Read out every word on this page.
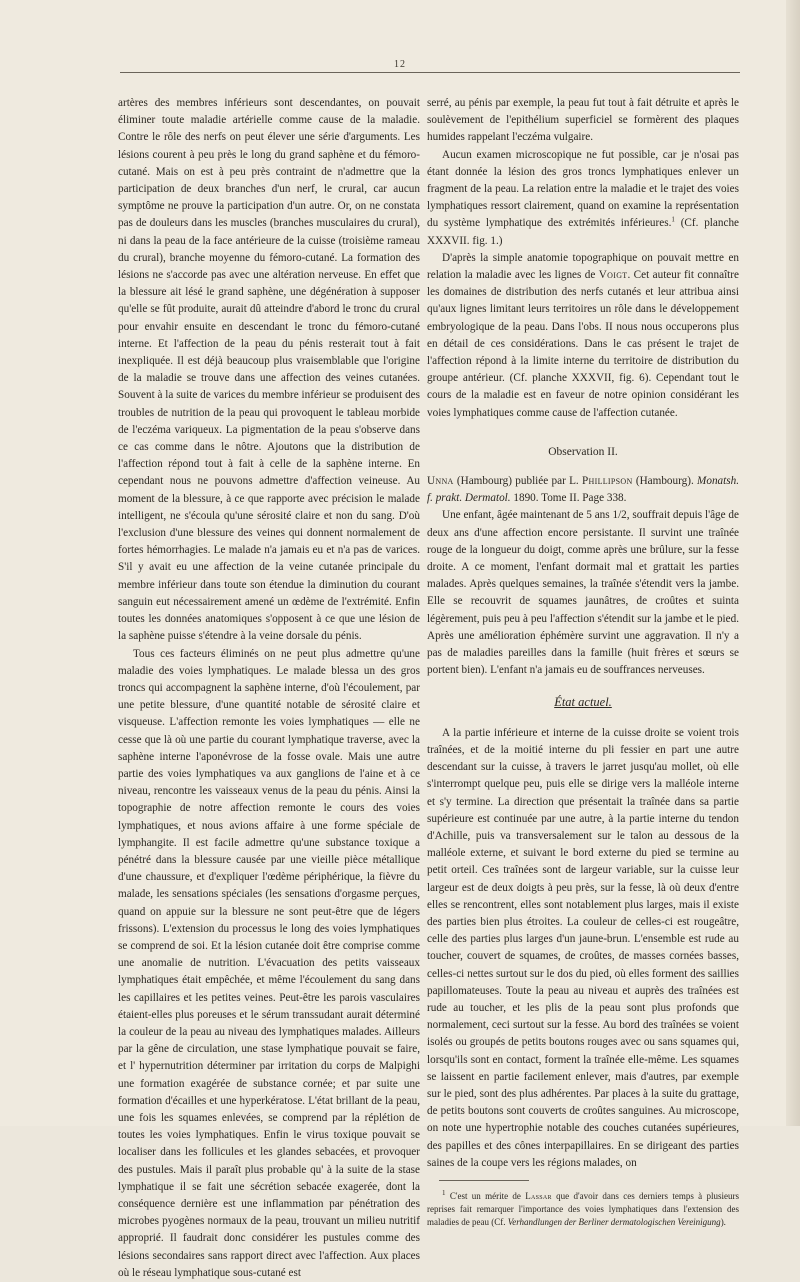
12

artères des membres inférieurs sont descendantes, on pouvait éliminer toute maladie artérielle comme cause de la maladie. Contre le rôle des nerfs on peut élever une série d'arguments. Les lésions courent à peu près le long du grand saphène et du fémoro-cutané. Mais on est à peu près contraint de n'admettre que la participation de deux branches d'un nerf, le crural, car aucun symptôme ne prouve la participation d'un autre. Or, on ne constata pas de douleurs dans les muscles (branches musculaires du crural), ni dans la peau de la face antérieure de la cuisse (troisième rameau du crural), branche moyenne du fémoro-cutané. La formation des lésions ne s'accorde pas avec une altération nerveuse. En effet que la blessure ait lésé le grand saphène, une dégénération à supposer qu'elle se fût produite, aurait dû atteindre d'abord le tronc du crural pour envahir ensuite en descendant le tronc du fémoro-cutané interne. Et l'affection de la peau du pénis resterait tout à fait inexpliquée. Il est déjà beaucoup plus vraisemblable que l'origine de la maladie se trouve dans une affection des veines cutanées. Souvent à la suite de varices du membre inférieur se produisent des troubles de nutrition de la peau qui provoquent le tableau morbide de l'eczéma variqueux. La pigmentation de la peau s'observe dans ce cas comme dans le nôtre. Ajoutons que la distribution de l'affection répond tout à fait à celle de la saphène interne. En cependant nous ne pouvons admettre d'affection veineuse. Au moment de la blessure, à ce que rapporte avec précision le malade intelligent, ne s'écoula qu'une sérosité claire et non du sang. D'où l'exclusion d'une blessure des veines qui donnent normalement de fortes hémorrhagies. Le malade n'a jamais eu et n'a pas de varices. S'il y avait eu une affection de la veine cutanée principale du membre inférieur dans toute son étendue la diminution du courant sanguin eut nécessairement amené un œdème de l'extrémité. Enfin toutes les données anatomiques s'opposent à ce que une lésion de la saphène puisse s'étendre à la veine dorsale du pénis.

Tous ces facteurs éliminés on ne peut plus admettre qu'une maladie des voies lymphatiques. Le malade blessa un des gros troncs qui accompagnent la saphène interne, d'où l'écoulement, par une petite blessure, d'une quantité notable de sérosité claire et visqueuse. L'affection remonte les voies lymphatiques — elle ne cesse que là où une partie du courant lymphatique traverse, avec la saphène interne l'aponévrose de la fosse ovale. Mais une autre partie des voies lymphatiques va aux ganglions de l'aine et à ce niveau, rencontre les vaisseaux venus de la peau du pénis. Ainsi la topographie de notre affection remonte le cours des voies lymphatiques, et nous avions affaire à une forme spéciale de lymphangite. Il est facile admettre qu'une substance toxique a pénétré dans la blessure causée par une vieille pièce métallique d'une chaussure, et d'expliquer l'œdème périphérique, la fièvre du malade, les sensations spéciales (les sensations d'orgasme perçues, quand on appuie sur la blessure ne sont peut-être que de légers frissons). L'extension du processus le long des voies lymphatiques se comprend de soi. Et la lésion cutanée doit être comprise comme une anomalie de nutrition. L'évacuation des petits vaisseaux lymphatiques était empêchée, et même l'écoulement du sang dans les capillaires et les petites veines. Peut-être les parois vasculaires étaient-elles plus poreuses et le sérum transsudant aurait déterminé la couleur de la peau au niveau des lymphatiques malades. Ailleurs par la gêne de circulation, une stase lymphatique pouvait se faire, et l' hypernutrition déterminer par irritation du corps de Malpighi une formation exagérée de substance cornée; et par suite une formation d'écailles et une hyperkératose. L'état brillant de la peau, une fois les squames enlevées, se comprend par la réplétion de toutes les voies lymphatiques. Enfin le virus toxique pouvait se localiser dans les follicules et les glandes sebacées, et provoquer des pustules. Mais il paraît plus probable qu' à la suite de la stase lymphatique il se fait une sécrétion sebacée exagerée, dont la conséquence dernière est une inflammation par pénétration des microbes pyogènes normaux de la peau, trouvant un milieu nutritif approprié. Il faudrait donc considérer les pustules comme des lésions secondaires sans rapport direct avec l'affection. Aux places où le réseau lymphatique sous-cutané est

serré, au pénis par exemple, la peau fut tout à fait détruite et après le soulèvement de l'epithélium superficiel se formèrent des plaques humides rappelant l'eczéma vulgaire.

Aucun examen microscopique ne fut possible, car je n'osai pas étant donnée la lésion des gros troncs lymphatiques enlever un fragment de la peau. La relation entre la maladie et le trajet des voies lymphatiques ressort clairement, quand on examine la représentation du système lymphatique des extrémités inférieures.$^1$ (Cf. planche XXXVII. fig. 1.)

D'après la simple anatomie topographique on pouvait mettre en relation la maladie avec les lignes de Voigt. Cet auteur fit connaître les domaines de distribution des nerfs cutanés et leur attribua ainsi qu'aux lignes limitant leurs territoires un rôle dans le développement embryologique de la peau. Dans l'obs. II nous nous occuperons plus en détail de ces considérations. Dans le cas présent le trajet de l'affection répond à la limite interne du territoire de distribution du groupe antérieur. (Cf. planche XXXVII, fig. 6). Cependant tout le cours de la maladie est en faveur de notre opinion considérant les voies lymphatiques comme cause de l'affection cutanée.

Observation II.

Unna (Hambourg) publiée par L. Phillipson (Hambourg). Monatsh. f. prakt. Dermatol. 1890. Tome II. Page 338.

Une enfant, âgée maintenant de 5 ans 1/2, souffrait depuis l'âge de deux ans d'une affection encore persistante. Il survint une traînée rouge de la longueur du doigt, comme après une brûlure, sur la fesse droite. A ce moment, l'enfant dormait mal et grattait les parties malades. Après quelques semaines, la traînée s'étendit vers la jambe. Elle se recouvrit de squames jaunâtres, de croûtes et suinta légèrement, puis peu à peu l'affection s'étendit sur la jambe et le pied. Après une amélioration éphémère survint une aggravation. Il n'y a pas de maladies pareilles dans la famille (huit frères et sœurs se portent bien). L'enfant n'a jamais eu de souffrances nerveuses.

État actuel.

A la partie inférieure et interne de la cuisse droite se voient trois traînées, et de la moitié interne du pli fessier en part une autre descendant sur la cuisse, à travers le jarret jusqu'au mollet, où elle s'interrompt quelque peu, puis elle se dirige vers la malléole interne et s'y termine. La direction que présentait la traînée dans sa partie supérieure est continuée par une autre, à la partie interne du tendon d'Achille, puis va transversalement sur le talon au dessous de la malléole externe, et suivant le bord externe du pied se termine au petit orteil. Ces traînées sont de largeur variable, sur la cuisse leur largeur est de deux doigts à peu près, sur la fesse, là où deux d'entre elles se rencontrent, elles sont notablement plus larges, mais il existe des parties bien plus étroites. La couleur de celles-ci est rougeâtre, celle des parties plus larges d'un jaune-brun. L'ensemble est rude au toucher, couvert de squames, de croûtes, de masses cornées basses, celles-ci nettes surtout sur le dos du pied, où elles forment des saillies papillomateuses. Toute la peau au niveau et auprès des traînées est rude au toucher, et les plis de la peau sont plus profonds que normalement, ceci surtout sur la fesse. Au bord des traînées se voient isolés ou groupés de petits boutons rouges avec ou sans squames qui, lorsqu'ils sont en contact, forment la traînée elle-même. Les squames se laissent en partie facilement enlever, mais d'autres, par exemple sur le pied, sont des plus adhérentes. Par places à la suite du grattage, de petits boutons sont couverts de croûtes sanguines. Au microscope, on note une hypertrophie notable des couches cutanées supérieures, des papilles et des cônes interpapillaires. En se dirigeant des parties saines de la coupe vers les régions malades, on

$^1$ C'est un mérite de Lassar que d'avoir dans ces derniers temps à plusieurs reprises fait remarquer l'importance des voies lymphatiques dans l'extension des maladies de peau (Cf. Verhandlungen der Berliner dermatologischen Vereinigung).
